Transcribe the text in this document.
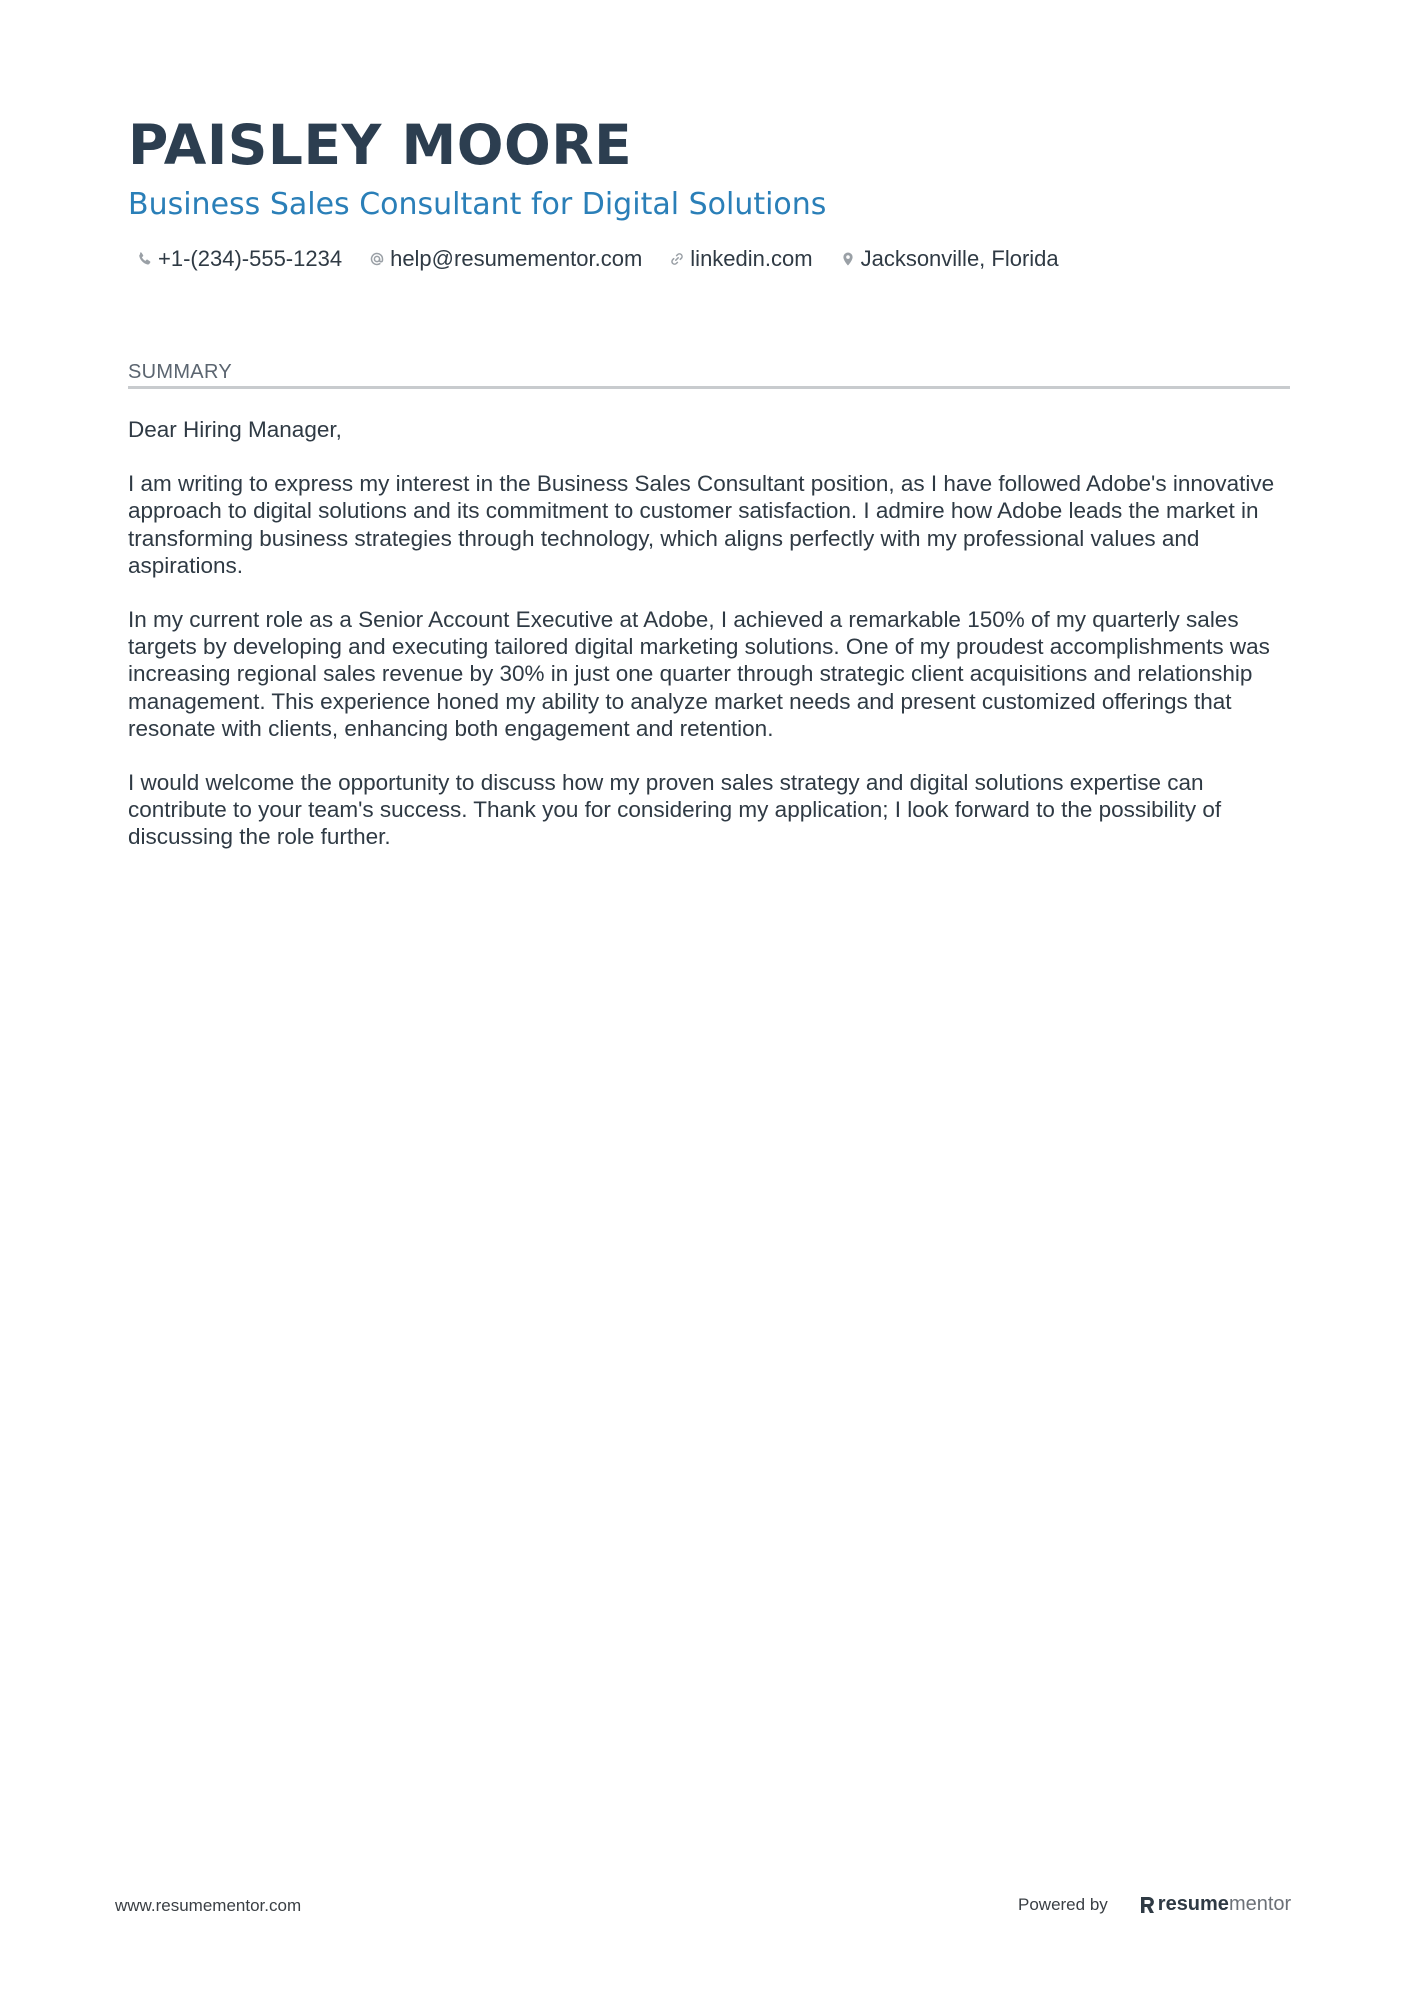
PAISLEY MOORE
Business Sales Consultant for Digital Solutions
+1-(234)-555-1234 help@resumementor.com linkedin.com Jacksonville, Florida
SUMMARY

Dear Hiring Manager,

I am writing to express my interest in the Business Sales Consultant position, as I have followed Adobe's innovative approach to digital solutions and its commitment to customer satisfaction. I admire how Adobe leads the market in transforming business strategies through technology, which aligns perfectly with my professional values and aspirations.

In my current role as a Senior Account Executive at Adobe, I achieved a remarkable 150% of my quarterly sales targets by developing and executing tailored digital marketing solutions. One of my proudest accomplishments was increasing regional sales revenue by 30% in just one quarter through strategic client acquisitions and relationship management. This experience honed my ability to analyze market needs and present customized offerings that resonate with clients, enhancing both engagement and retention.

I would welcome the opportunity to discuss how my proven sales strategy and digital solutions expertise can contribute to your team's success. Thank you for considering my application; I look forward to the possibility of discussing the role further.

www.resumementor.com	Powered by	resume mentor
